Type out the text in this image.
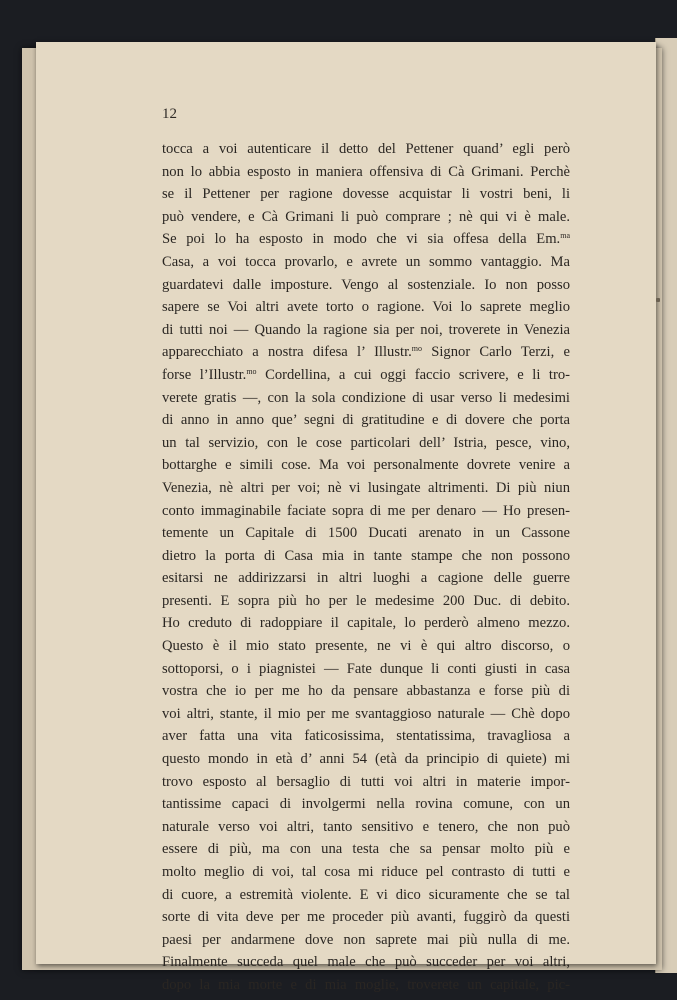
12
tocca a voi autenticare il detto del Pettener quand’ egli però
non lo abbia esposto in maniera offensiva di Cà Grimani. Perchè
se il Pettener per ragione dovesse acquistar li vostri beni, li
può vendere, e Cà Grimani li può comprare ; nè qui vi è male.
Se poi lo ha esposto in modo che vi sia offesa della Em.$^{ma}$
Casa, a voi tocca provarlo, e avrete un sommo vantaggio. Ma
guardatevi dalle imposture. Vengo al sostenziale. Io non posso
sapere se Voi altri avete torto o ragione. Voi lo saprete meglio
di tutti noi — Quando la ragione sia per noi, troverete in Venezia
apparecchiato a nostra difesa l’ Illustr.$^{mo}$ Signor Carlo Terzi, e
forse l’Illustr.$^{mo}$ Cordellina, a cui oggi faccio scrivere, e li tro-
verete gratis —, con la sola condizione di usar verso li medesimi
di anno in anno que’ segni di gratitudine e di dovere che porta
un tal servizio, con le cose particolari dell’ Istria, pesce, vino,
bottarghe e simili cose. Ma voi personalmente dovrete venire a
Venezia, nè altri per voi; nè vi lusingate altrimenti. Di più niun
conto immaginabile faciate sopra di me per denaro — Ho presen-
temente un Capitale di 1500 Ducati arenato in un Cassone
dietro la porta di Casa mia in tante stampe che non possono
esitarsi ne addirizzarsi in altri luoghi a cagione delle guerre
presenti. E sopra più ho per le medesime 200 Duc. di debito.
Ho creduto di radoppiare il capitale, lo perderò almeno mezzo.
Questo è il mio stato presente, ne vi è qui altro discorso, o
sottoporsi, o i piagnistei — Fate dunque li conti giusti in casa
vostra che io per me ho da pensare abbastanza e forse più di
voi altri, stante, il mio per me svantaggioso naturale — Chè dopo
aver fatta una vita faticosissima, stentatissima, travagliosa a
questo mondo in età d’ anni 54 (età da principio di quiete) mi
trovo esposto al bersaglio di tutti voi altri in materie impor-
tantissime capaci di involgermi nella rovina comune, con un
naturale verso voi altri, tanto sensitivo e tenero, che non può
essere di più, ma con una testa che sa pensar molto più e
molto meglio di voi, tal cosa mi riduce pel contrasto di tutti e
di cuore, a estremità violente. E vi dico sicuramente che se tal
sorte di vita deve per me proceder più avanti, fuggirò da questi
paesi per andarmene dove non saprete mai più nulla di me.
Finalmente succeda quel male che può succeder per voi altri,
dopo la mia morte e di mia moglie, troverete un capitale, pic-
